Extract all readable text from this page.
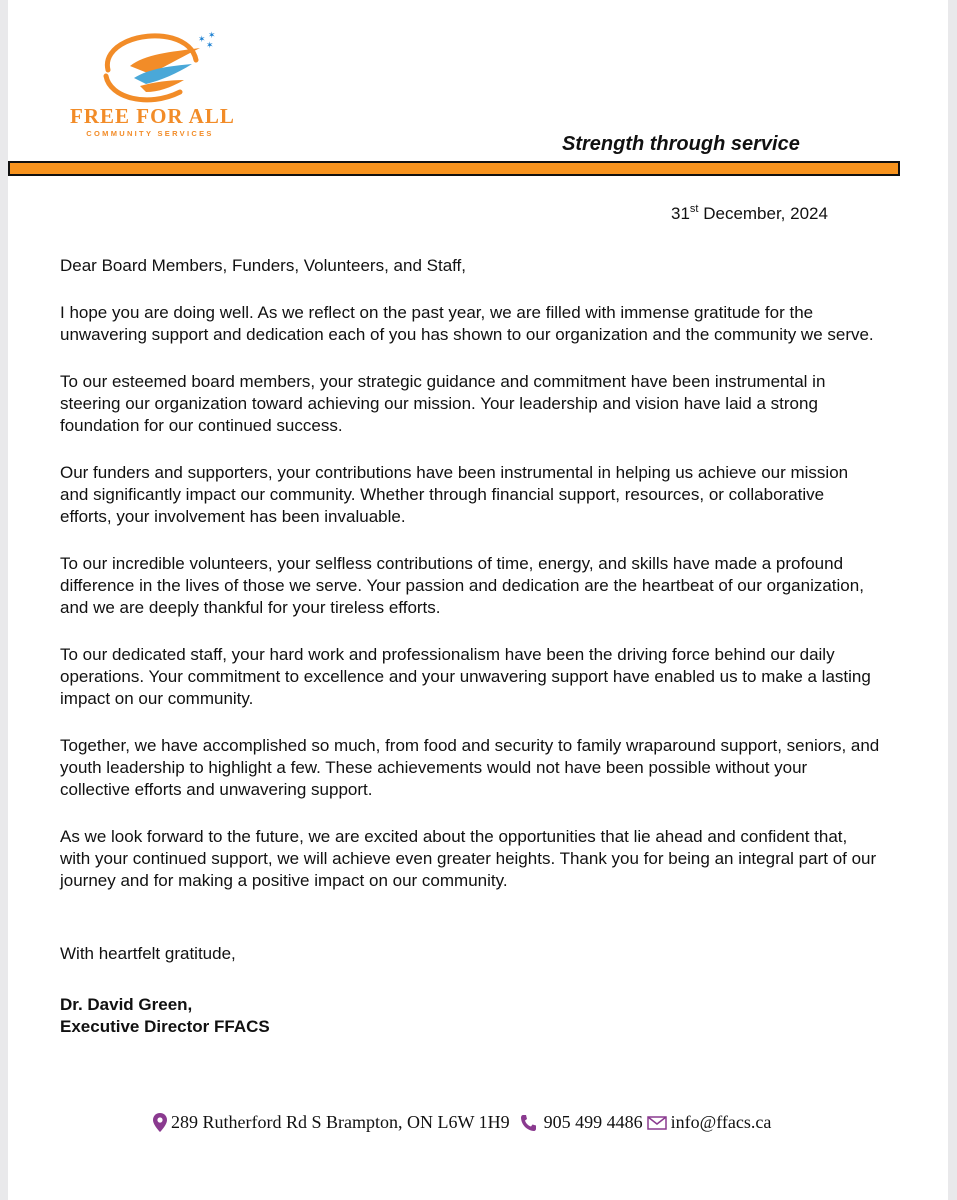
✶ ✶
✶
FREE FOR ALL
COMMUNITY SERVICES	Strength through service
31st December, 2024

Dear Board Members, Funders, Volunteers, and Staff,

I hope you are doing well. As we reflect on the past year, we are filled with immense gratitude for the unwavering support and dedication each of you has shown to our organization and the community we serve.

To our esteemed board members, your strategic guidance and commitment have been instrumental in steering our organization toward achieving our mission. Your leadership and vision have laid a strong foundation for our continued success.

Our funders and supporters, your contributions have been instrumental in helping us achieve our mission and significantly impact our community. Whether through financial support, resources, or collaborative efforts, your involvement has been invaluable.

To our incredible volunteers, your selfless contributions of time, energy, and skills have made a profound difference in the lives of those we serve. Your passion and dedication are the heartbeat of our organization, and we are deeply thankful for your tireless efforts.

To our dedicated staff, your hard work and professionalism have been the driving force behind our daily operations. Your commitment to excellence and your unwavering support have enabled us to make a lasting impact on our community.

Together, we have accomplished so much, from food and security to family wraparound support, seniors, and youth leadership to highlight a few. These achievements would not have been possible without your collective efforts and unwavering support.

As we look forward to the future, we are excited about the opportunities that lie ahead and confident that, with your continued support, we will achieve even greater heights. Thank you for being an integral part of our journey and for making a positive impact on our community.

With heartfelt gratitude,
Dr. David Green,
Executive Director FFACS
289 Rutherford Rd S Brampton, ON L6W 1H9 905 499 4486 info@ffacs.ca
